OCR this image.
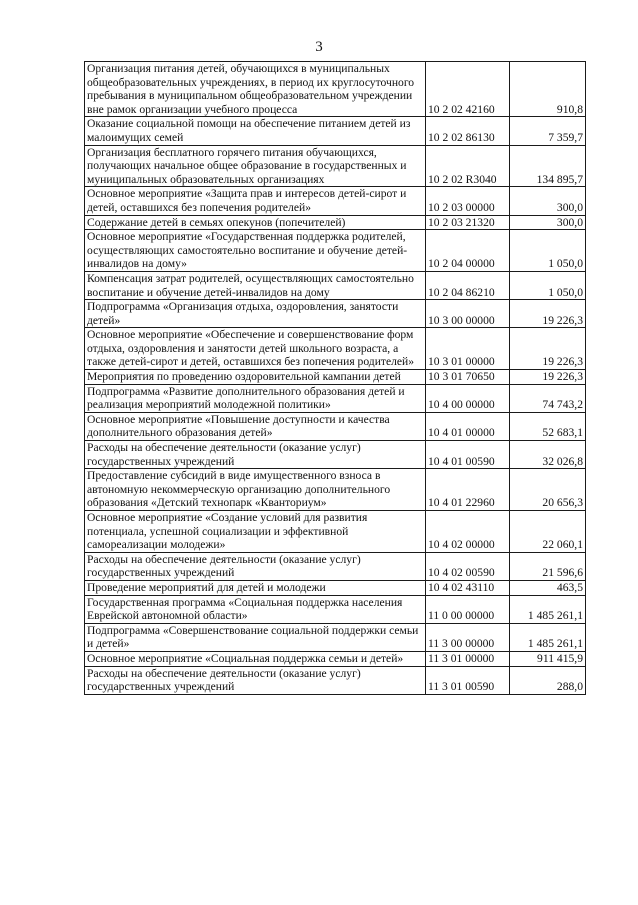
3
Организация питания детей, обучающихся в муниципальных общеобразовательных учреждениях, в период их круглосуточного пребывания в муниципальном общеобразовательном учреждении вне рамок организации учебного процесса	10 2 02 42160	910,8
Оказание социальной помощи на обеспечение питанием детей из малоимущих семей	10 2 02 86130	7 359,7
Организация бесплатного горячего питания обучающихся, получающих начальное общее образование в государственных и муниципальных образовательных организациях	10 2 02 R3040	134 895,7
Основное мероприятие «Защита прав и интересов детей-сирот и детей, оставшихся без попечения родителей»	10 2 03 00000	300,0
Содержание детей в семьях опекунов (попечителей)	10 2 03 21320	300,0
Основное мероприятие «Государственная поддержка родителей, осуществляющих самостоятельно воспитание и обучение детей-инвалидов на дому»	10 2 04 00000	1 050,0
Компенсация затрат родителей, осуществляющих самостоятельно воспитание и обучение детей-инвалидов на дому	10 2 04 86210	1 050,0
Подпрограмма «Организация отдыха, оздоровления, занятости детей»	10 3 00 00000	19 226,3
Основное мероприятие «Обеспечение и совершенствование форм отдыха, оздоровления и занятости детей школьного возраста, а также детей-сирот и детей, оставшихся без попечения родителей»	10 3 01 00000	19 226,3
Мероприятия по проведению оздоровительной кампании детей	10 3 01 70650	19 226,3
Подпрограмма «Развитие дополнительного образования детей и реализация мероприятий молодежной политики»	10 4 00 00000	74 743,2
Основное мероприятие «Повышение доступности и качества дополнительного образования детей»	10 4 01 00000	52 683,1
Расходы на обеспечение деятельности (оказание услуг) государственных учреждений	10 4 01 00590	32 026,8
Предоставление субсидий в виде имущественного взноса в автономную некоммерческую организацию дополнительного образования «Детский технопарк «Кванториум»	10 4 01 22960	20 656,3
Основное мероприятие «Создание условий для развития потенциала, успешной социализации и эффективной самореализации молодежи»	10 4 02 00000	22 060,1
Расходы на обеспечение деятельности (оказание услуг) государственных учреждений	10 4 02 00590	21 596,6
Проведение мероприятий для детей и молодежи	10 4 02 43110	463,5
Государственная программа «Социальная поддержка населения Еврейской автономной области»	11 0 00 00000	1 485 261,1
Подпрограмма «Совершенствование социальной поддержки семьи и детей»	11 3 00 00000	1 485 261,1
Основное мероприятие «Социальная поддержка семьи и детей»	11 3 01 00000	911 415,9
Расходы на обеспечение деятельности (оказание услуг) государственных учреждений	11 3 01 00590	288,0
